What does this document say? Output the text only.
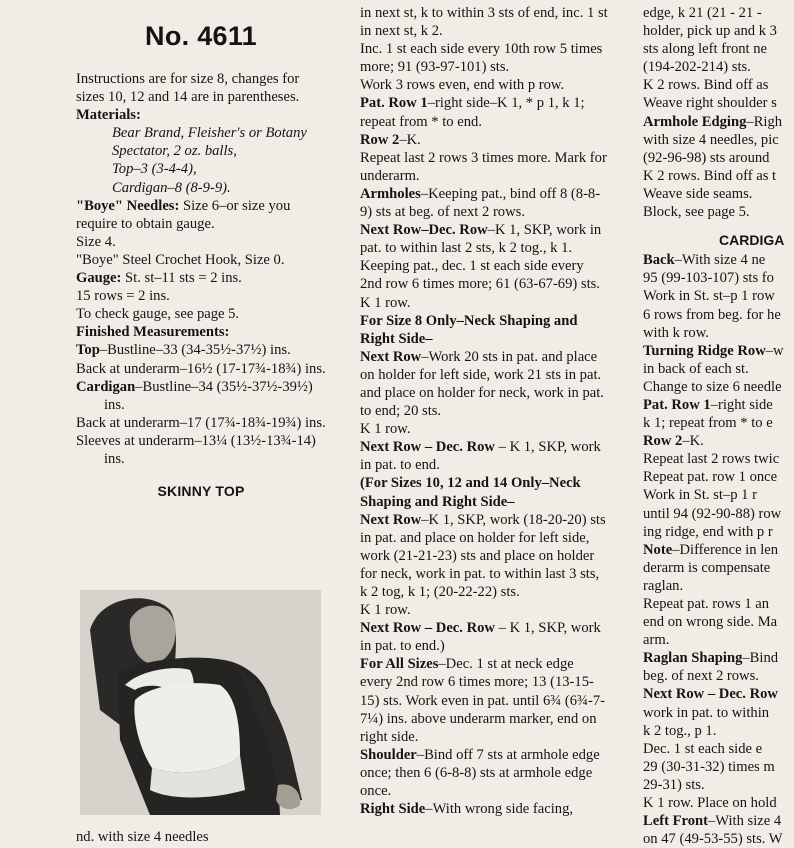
No. 4611

Instructions are for size 8, changes for sizes 10, 12 and 14 are in parentheses.

Materials:

Bear Brand, Fleisher's or Botany Spectator, 2 oz. balls,

Top–3 (3-4-4),

Cardigan–8 (8-9-9).

"Boye" Needles: Size 6–or size you require to obtain gauge.

Size 4.

"Boye" Steel Crochet Hook, Size 0.

Gauge: St. st–11 sts = 2 ins.

15 rows = 2 ins.

To check gauge, see page 5.

Finished Measurements:

Top–Bustline–33 (34-35½-37½) ins.

Back at underarm–16½ (17-17¾-18¾) ins.

Cardigan–Bustline–34 (35½-37½-39½) ins.

Back at underarm–17 (17¾-18¾-19¾) ins.

Sleeves at underarm–13¼ (13½-13¾-14) ins.

SKINNY TOP
nd. with size 4 needles

in next st, k to within 3 sts of end, inc. 1 st in next st, k 2.

Inc. 1 st each side every 10th row 5 times more; 91 (93-97-101) sts.

Work 3 rows even, end with p row.

Pat. Row 1–right side–K 1, * p 1, k 1; repeat from * to end.

Row 2–K.

Repeat last 2 rows 3 times more. Mark for underarm.

Armholes–Keeping pat., bind off 8 (8-8-9) sts at beg. of next 2 rows.

Next Row–Dec. Row–K 1, SKP, work in pat. to within last 2 sts, k 2 tog., k 1.

Keeping pat., dec. 1 st each side every 2nd row 6 times more; 61 (63-67-69) sts. K 1 row.

For Size 8 Only–Neck Shaping and Right Side–

Next Row–Work 20 sts in pat. and place on holder for left side, work 21 sts in pat. and place on holder for neck, work in pat. to end; 20 sts.

K 1 row.

Next Row – Dec. Row – K 1, SKP, work in pat. to end.

(For Sizes 10, 12 and 14 Only–Neck Shaping and Right Side–

Next Row–K 1, SKP, work (18-20-20) sts in pat. and place on holder for left side, work (21-21-23) sts and place on holder for neck, work in pat. to within last 3 sts, k 2 tog, k 1; (20-22-22) sts.

K 1 row.

Next Row – Dec. Row – K 1, SKP, work in pat. to end.)

For All Sizes–Dec. 1 st at neck edge every 2nd row 6 times more; 13 (13-15-15) sts. Work even in pat. until 6¾ (6¾-7-7¼) ins. above underarm marker, end on right side.

Shoulder–Bind off 7 sts at armhole edge once; then 6 (6-8-8) sts at armhole edge once.

Right Side–With wrong side facing,

edge, k 21 (21 - 21 -

holder, pick up and k 3

sts along left front ne

(194-202-214) sts.

K 2 rows. Bind off as

Weave right shoulder s

Armhole Edging–Righ

with size 4 needles, pic

(92-96-98) sts around

K 2 rows. Bind off as t

Weave side seams.

Block, see page 5.

CARDIGA

Back–With size 4 ne

95 (99-103-107) sts fo

Work in St. st–p 1 row

6 rows from beg. for he

with k row.

Turning Ridge Row–w

in back of each st.

Change to size 6 needle

Pat. Row 1–right side

k 1; repeat from * to e

Row 2–K.

Repeat last 2 rows twic

Repeat pat. row 1 once

Work in St. st–p 1 r

until 94 (92-90-88) row

ing ridge, end with p r

Note–Difference in len

derarm is compensate

raglan.

Repeat pat. rows 1 an

end on wrong side. Ma

arm.

Raglan Shaping–Bind

beg. of next 2 rows.

Next Row – Dec. Row

work in pat. to within

k 2 tog., p 1.

Dec. 1 st each side e

29 (30-31-32) times m

29-31) sts.

K 1 row. Place on hold

Left Front–With size 4

on 47 (49-53-55) sts. W
